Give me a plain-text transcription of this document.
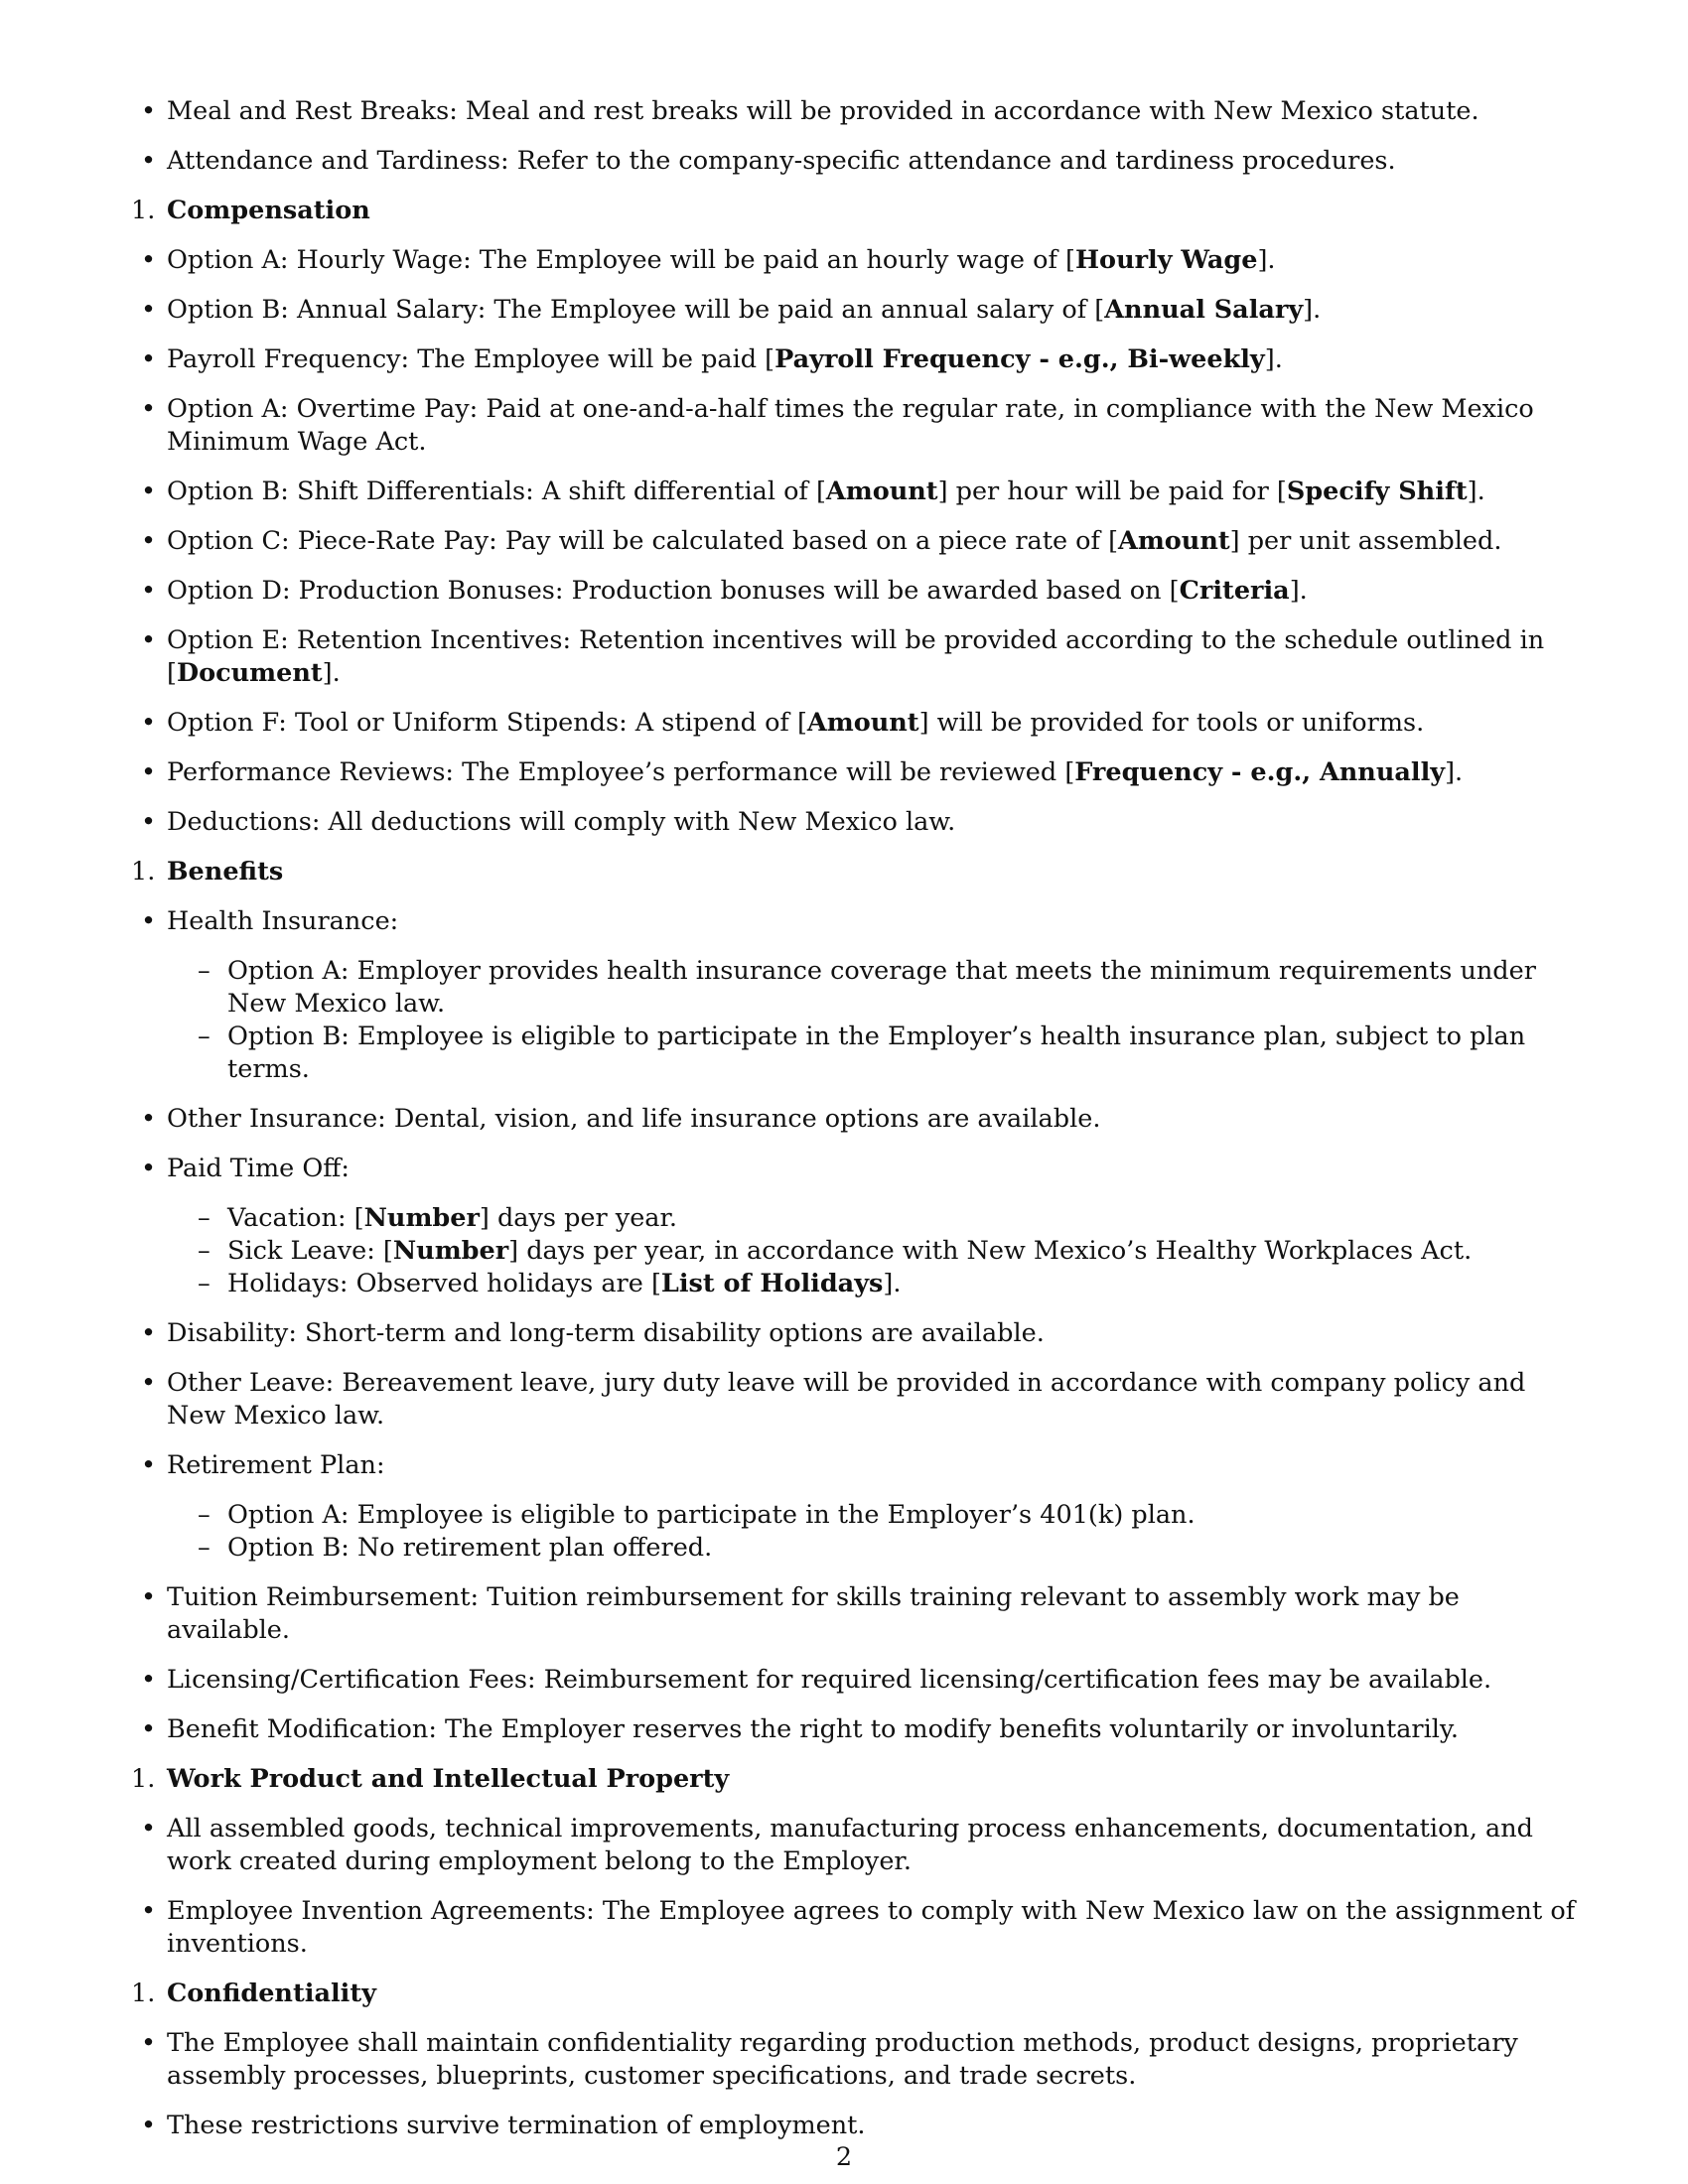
• Meal and Rest Breaks: Meal and rest breaks will be provided in accordance with New Mexico statute.
• Attendance and Tardiness: Refer to the company-specific attendance and tardiness procedures.
1. Compensation
• Option A: Hourly Wage: The Employee will be paid an hourly wage of [Hourly Wage].
• Option B: Annual Salary: The Employee will be paid an annual salary of [Annual Salary].
• Payroll Frequency: The Employee will be paid [Payroll Frequency - e.g., Bi-weekly].
• Option A: Overtime Pay: Paid at one-and-a-half times the regular rate, in compliance with the New Mexico Minimum Wage Act.
• Option B: Shift Differentials: A shift differential of [Amount] per hour will be paid for [Specify Shift].
• Option C: Piece-Rate Pay: Pay will be calculated based on a piece rate of [Amount] per unit assembled.
• Option D: Production Bonuses: Production bonuses will be awarded based on [Criteria].
• Option E: Retention Incentives: Retention incentives will be provided according to the schedule outlined in [Document].
• Option F: Tool or Uniform Stipends: A stipend of [Amount] will be provided for tools or uniforms.
• Performance Reviews: The Employee’s performance will be reviewed [Frequency - e.g., Annually].
• Deductions: All deductions will comply with New Mexico law.
1. Benefits
• Health Insurance:
– Option A: Employer provides health insurance coverage that meets the minimum requirements under New Mexico law.
– Option B: Employee is eligible to participate in the Employer’s health insurance plan, subject to plan terms.
• Other Insurance: Dental, vision, and life insurance options are available.
• Paid Time Off:
– Vacation: [Number] days per year.
– Sick Leave: [Number] days per year, in accordance with New Mexico’s Healthy Workplaces Act.
– Holidays: Observed holidays are [List of Holidays].
• Disability: Short-term and long-term disability options are available.
• Other Leave: Bereavement leave, jury duty leave will be provided in accordance with company policy and New Mexico law.
• Retirement Plan:
– Option A: Employee is eligible to participate in the Employer’s 401(k) plan.
– Option B: No retirement plan offered.
• Tuition Reimbursement: Tuition reimbursement for skills training relevant to assembly work may be available.
• Licensing/Certification Fees: Reimbursement for required licensing/certification fees may be available.
• Benefit Modification: The Employer reserves the right to modify benefits voluntarily or involuntarily.
1. Work Product and Intellectual Property
• All assembled goods, technical improvements, manufacturing process enhancements, documentation, and work created during employment belong to the Employer.
• Employee Invention Agreements: The Employee agrees to comply with New Mexico law on the assignment of inventions.
1. Confidentiality
• The Employee shall maintain confidentiality regarding production methods, product designs, proprietary assembly processes, blueprints, customer specifications, and trade secrets.
• These restrictions survive termination of employment.
2
